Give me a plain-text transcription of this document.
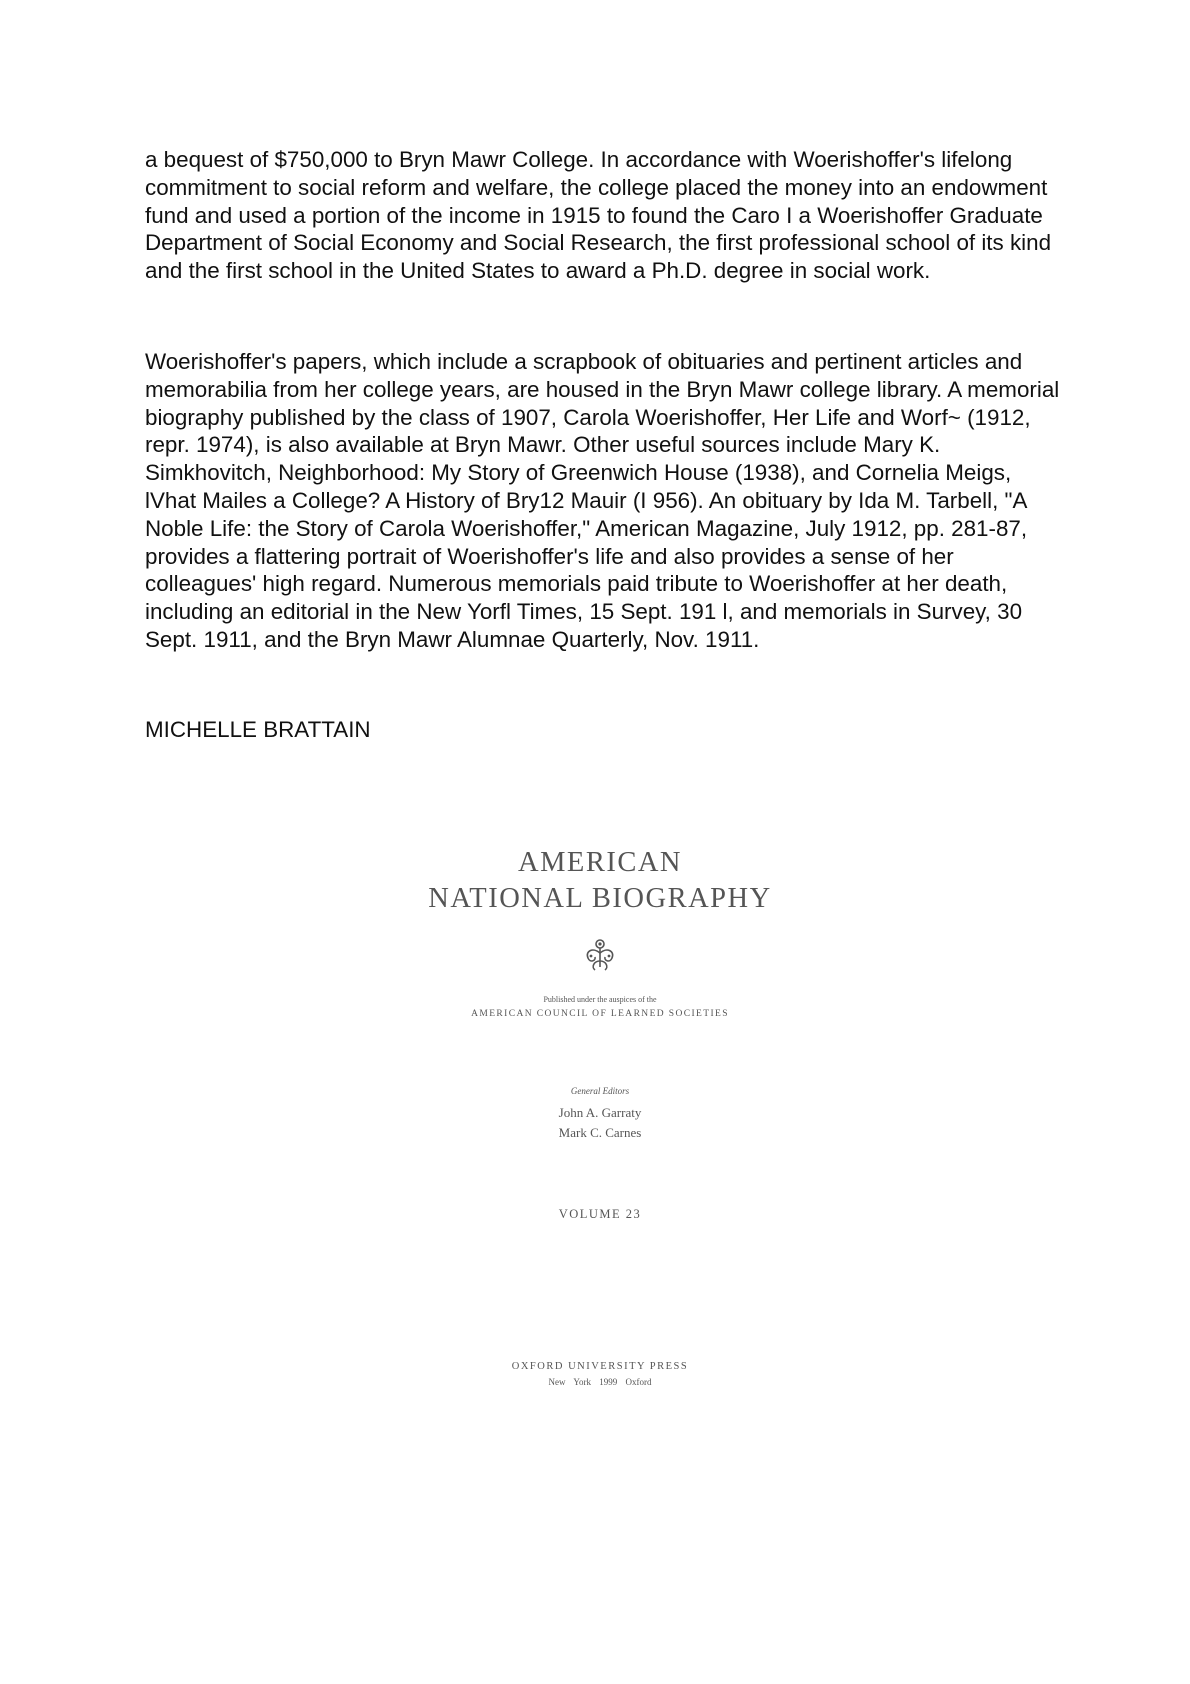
a bequest of $750,000 to Bryn Mawr College. In accordance with Woerishoffer's lifelong commitment to social reform and welfare, the college placed the money into an endowment fund and used a portion of the income in 1915 to found the Caro I a Woerishoffer Graduate Department of Social Economy and Social Research, the first professional school of its kind and the first school in the United States to award a Ph.D. degree in social work.

Woerishoffer's papers, which include a scrapbook of obituaries and pertinent articles and memorabilia from her college years, are housed in the Bryn Mawr college library. A memorial biography published by the class of 1907, Carola Woerishoffer, Her Life and Worf~ (1912, repr. 1974), is also available at Bryn Mawr. Other useful sources include Mary K. Simkhovitch, Neighborhood: My Story of Greenwich House (1938), and Cornelia Meigs, lVhat Mailes a College? A History of Bry12 Mauir (I 956). An obituary by Ida M. Tarbell, "A Noble Life: the Story of Carola Woerishoffer," American Magazine, July 1912, pp. 281-87, provides a flattering portrait of Woerishoffer's life and also provides a sense of her colleagues' high regard. Numerous memorials paid tribute to Woerishoffer at her death, including an editorial in the New Yorfl Times, 15 Sept. 191 l, and memorials in Survey, 30 Sept. 1911, and the Bryn Mawr Alumnae Quarterly, Nov. 1911.

MICHELLE BRATTAIN

AMERICAN
NATIONAL BIOGRAPHY
Published under the auspices of the
AMERICAN COUNCIL OF LEARNED SOCIETIES
General Editors
John A. Garraty
Mark C. Carnes
VOLUME 23
OXFORD UNIVERSITY PRESS
New York 1999 Oxford
